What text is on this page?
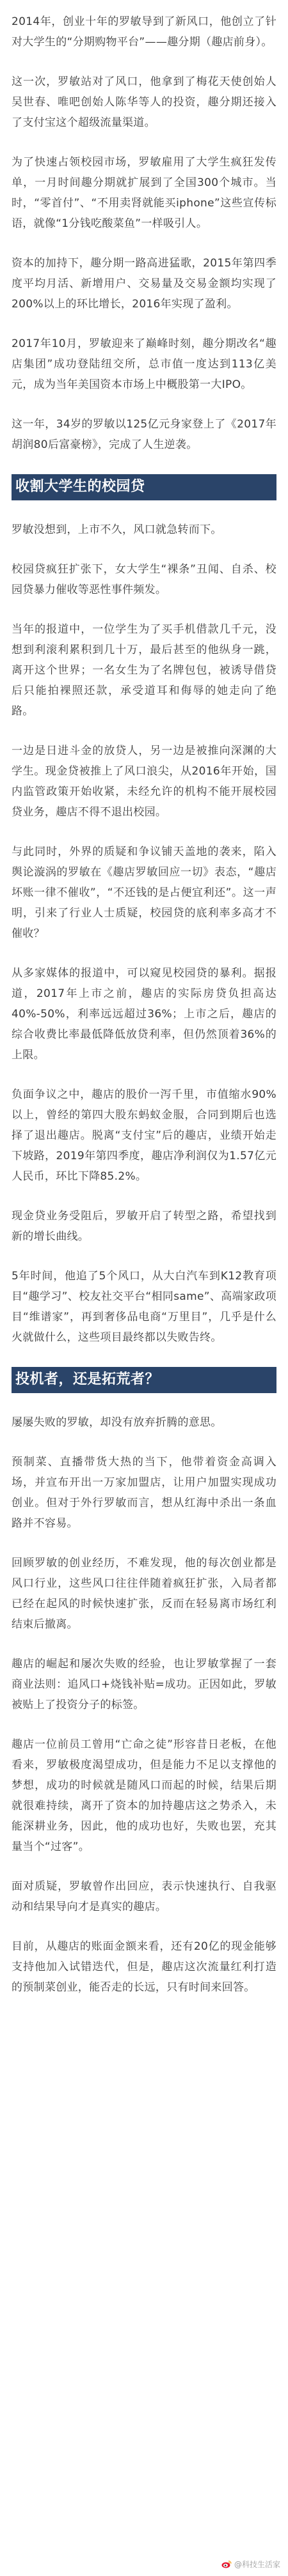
2014年，创业十年的罗敏导到了新风口，他创立了针对大学生的“分期购物平台”——趣分期（趣店前身）。

这一次，罗敏站对了风口，他拿到了梅花天使创始人吴世春、唯吧创始人陈华等人的投资，趣分期还接入了支付宝这个超级流量渠道。

为了快速占领校园市场，罗敏雇用了大学生疯狂发传单，一月时间趣分期就扩展到了全国300个城市。当时，“零首付”、“不用卖肾就能买iphone”这些宣传标语，就像“1分钱吃酸菜鱼”一样吸引人。

资本的加持下，趣分期一路高进猛歌，2015年第四季度平均月活、新增用户、交易量及交易金额均实现了200%以上的环比增长，2016年实现了盈利。

2017年10月，罗敏迎来了巅峰时刻，趣分期改名“趣店集团”成功登陆纽交所，总市值一度达到113亿美元，成为当年美国资本市场上中概股第一大IPO。

这一年，34岁的罗敏以125亿元身家登上了《2017年胡润80后富豪榜》，完成了人生逆袭。

收割大学生的校园贷

罗敏没想到，上市不久，风口就急转而下。

校园贷疯狂扩张下，女大学生“裸条”丑闻、自杀、校园贷暴力催收等恶性事件频发。

当年的报道中，一位学生为了买手机借款几千元，没想到利滚利累积到几十万，最后甚至的他纵身一跳，离开这个世界；一名女生为了名牌包包，被诱导借贷后只能拍裸照还款，承受道耳和侮辱的她走向了绝路。

一边是日进斗金的放贷人，另一边是被推向深渊的大学生。现金贷被推上了风口浪尖，从2016年开始，国内监管政策开始收紧，未经允许的机构不能开展校园贷业务，趣店不得不退出校园。

与此同时，外界的质疑和争议铺天盖地的袭来，陷入舆论漩涡的罗敏在《趣店罗敏回应一切》表态，“趣店坏账一律不催收”，“不还钱的是占便宜利还”。这一声明，引来了行业人士质疑，校园贷的底利率多高才不催收？

从多家媒体的报道中，可以窥见校园贷的暴利。据报道，2017年上市之前，趣店的实际房贷负担高达40%-50%，利率远远超过36%；上市之后，趣店的综合收费比率最低降低放贷利率，但仍然顶着36%的上限。

负面争议之中，趣店的股价一泻千里，市值缩水90%以上，曾经的第四大股东蚂蚁金服，合同到期后也选择了退出趣店。脱离“支付宝”后的趣店，业绩开始走下坡路，2019年第四季度，趣店净利润仅为1.57亿元人民币，环比下降85.2%。

现金贷业务受阻后，罗敏开启了转型之路，希望找到新的增长曲线。

5年时间，他追了5个风口，从大白汽车到K12教育项目“趣学习”、校友社交平台“相同same”、高端家政项目“维谱家”，再到奢侈品电商“万里目”，几乎是什么火就做什么，这些项目最终都以失败告终。

投机者，还是拓荒者？

屡屡失败的罗敏，却没有放弃折腾的意思。

预制菜、直播带货大热的当下，他带着资金高调入场，并宣布开出一万家加盟店，让用户加盟实现成功创业。但对于外行罗敏而言，想从红海中杀出一条血路并不容易。

回顾罗敏的创业经历，不难发现，他的每次创业都是风口行业，这些风口往往伴随着疯狂扩张，入局者都已经在起风的时候快速扩张，反而在轻易离市场红利结束后撤离。

趣店的崛起和屡次失败的经验，也让罗敏掌握了一套商业法则：追风口+烧钱补贴=成功。正因如此，罗敏被贴上了投资分子的标签。

趣店一位前员工曾用“亡命之徒”形容昔日老板，在他看来，罗敏极度渴望成功，但是能力不足以支撑他的梦想，成功的时候就是随风口而起的时候，结果后期就很难持续，离开了资本的加持趣店这之势杀入，未能深耕业务，因此，他的成功也好，失败也罢，充其量当个“过客”。

面对质疑，罗敏曾作出回应，表示快速执行、自我驱动和结果导向才是真实的趣店。

目前，从趣店的账面金额来看，还有20亿的现金能够支持他加入试错迭代，但是，趣店这次流量红利打造的预制菜创业，能否走的长远，只有时间来回答。

@科技生活家
